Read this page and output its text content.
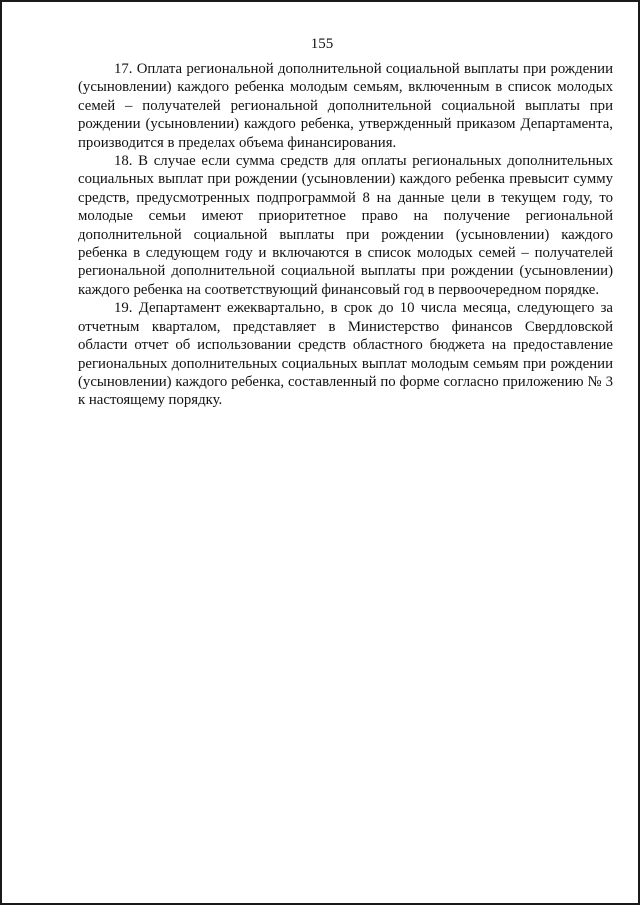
155

17. Оплата региональной дополнительной социальной выплаты при рождении (усыновлении) каждого ребенка молодым семьям, включенным в список молодых семей – получателей региональной дополнительной социальной выплаты при рождении (усыновлении) каждого ребенка, утвержденный приказом Департамента, производится в пределах объема финансирования.

18. В случае если сумма средств для оплаты региональных дополнительных социальных выплат при рождении (усыновлении) каждого ребенка превысит сумму средств, предусмотренных подпрограммой 8 на данные цели в текущем году, то молодые семьи имеют приоритетное право на получение региональной дополнительной социальной выплаты при рождении (усыновлении) каждого ребенка в следующем году и включаются в список молодых семей – получателей региональной дополнительной социальной выплаты при рождении (усыновлении) каждого ребенка на соответствующий финансовый год в первоочередном порядке.

19. Департамент ежеквартально, в срок до 10 числа месяца, следующего за отчетным кварталом, представляет в Министерство финансов Свердловской области отчет об использовании средств областного бюджета на предоставление региональных дополнительных социальных выплат молодым семьям при рождении (усыновлении) каждого ребенка, составленный по форме согласно приложению № 3 к настоящему порядку.
